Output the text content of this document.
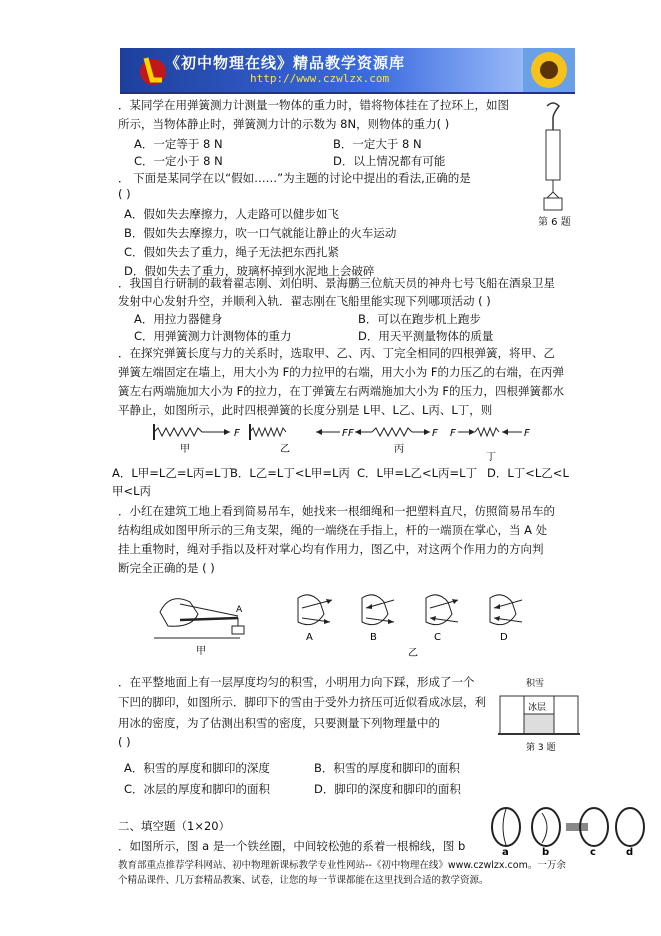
《初中物理在线》精品教学资源库
http://www.czwlzx.com
．某同学在用弹簧测力计测量一物体的重力时，错将物体挂在了拉环上，如图
所示，当物体静止时，弹簧测力计的示数为 8N，则物体的重力( )
A．一定等于 8 N	B．一定大于 8 N
C．一定小于 8 N	D．以上情况都有可能
第 6 题
． 下面是某同学在以“假如……”为主题的讨论中提出的看法,正确的是
( )
A．假如失去摩擦力，人走路可以健步如飞
B．假如失去摩擦力，吹一口气就能让静止的火车运动
C．假如失去了重力，绳子无法把东西扎紧
D．假如失去了重力，玻璃杯掉到水泥地上会破碎
．我国自行研制的载着翟志刚、刘伯明、景海鹏三位航天员的神舟七号飞船在酒泉卫星
发射中心发射升空，并顺利入轨．翟志刚在飞船里能实现下列哪项活动 ( )
A．用拉力器健身	B．可以在跑步机上跑步
C．用弹簧测力计测物体的重力	D．用天平测量物体的质量
．在探究弹簧长度与力的关系时，选取甲、乙、丙、丁完全相同的四根弹簧，将甲、乙
弹簧左端固定在墙上，用大小为 F的力拉甲的右端，用大小为 F的力压乙的右端，在丙弹
簧左右两端施加大小为 F的拉力，在丁弹簧左右两端施加大小为 F的压力，四根弹簧都水
平静止，如图所示，此时四根弹簧的长度分别是 L甲、L乙、L丙、L丁，则
F
甲
F
乙
F	F
丙
F	F
丁
A．L甲=L乙=L丙=L丁
B．L乙=L丁<L甲=L丙 C．L甲=L乙<L丙=L丁 D．L丁<L乙<L
甲<L丙
．小红在建筑工地上看到简易吊车，她找来一根细绳和一把塑料直尺，仿照简易吊车的
结构组成如图甲所示的三角支架，绳的一端绕在手指上，杆的一端顶在掌心，当 A 处
挂上重物时，绳对手指以及杆对掌心均有作用力，图乙中，对这两个作用力的方向判
断完全正确的是 ( )
A
甲
A	B	C	D
乙
．在平整地面上有一层厚度均匀的积雪，小明用力向下踩，形成了一个
下凹的脚印，如图所示．脚印下的雪由于受外力挤压可近似看成冰层，利
用冰的密度，为了估测出积雪的密度，只要测量下列物理量中的
( )
积雪
冰层
第 3 题
A．积雪的厚度和脚印的深度	B．积雪的厚度和脚印的面积
C．冰层的厚度和脚印的面积	D．脚印的深度和脚印的面积
二、填空题（1×20）
．如图所示，图 a 是一个铁丝圈，中间较松弛的系着一根棉线，图 b	a	b	c	d
教育部重点推荐学科网站、初中物理新课标教学专业性网站--《初中物理在线》www.czwlzx.com。一万余
个精品课件、几万套精品教案、试卷，让您的每一节课都能在这里找到合适的教学资源。
